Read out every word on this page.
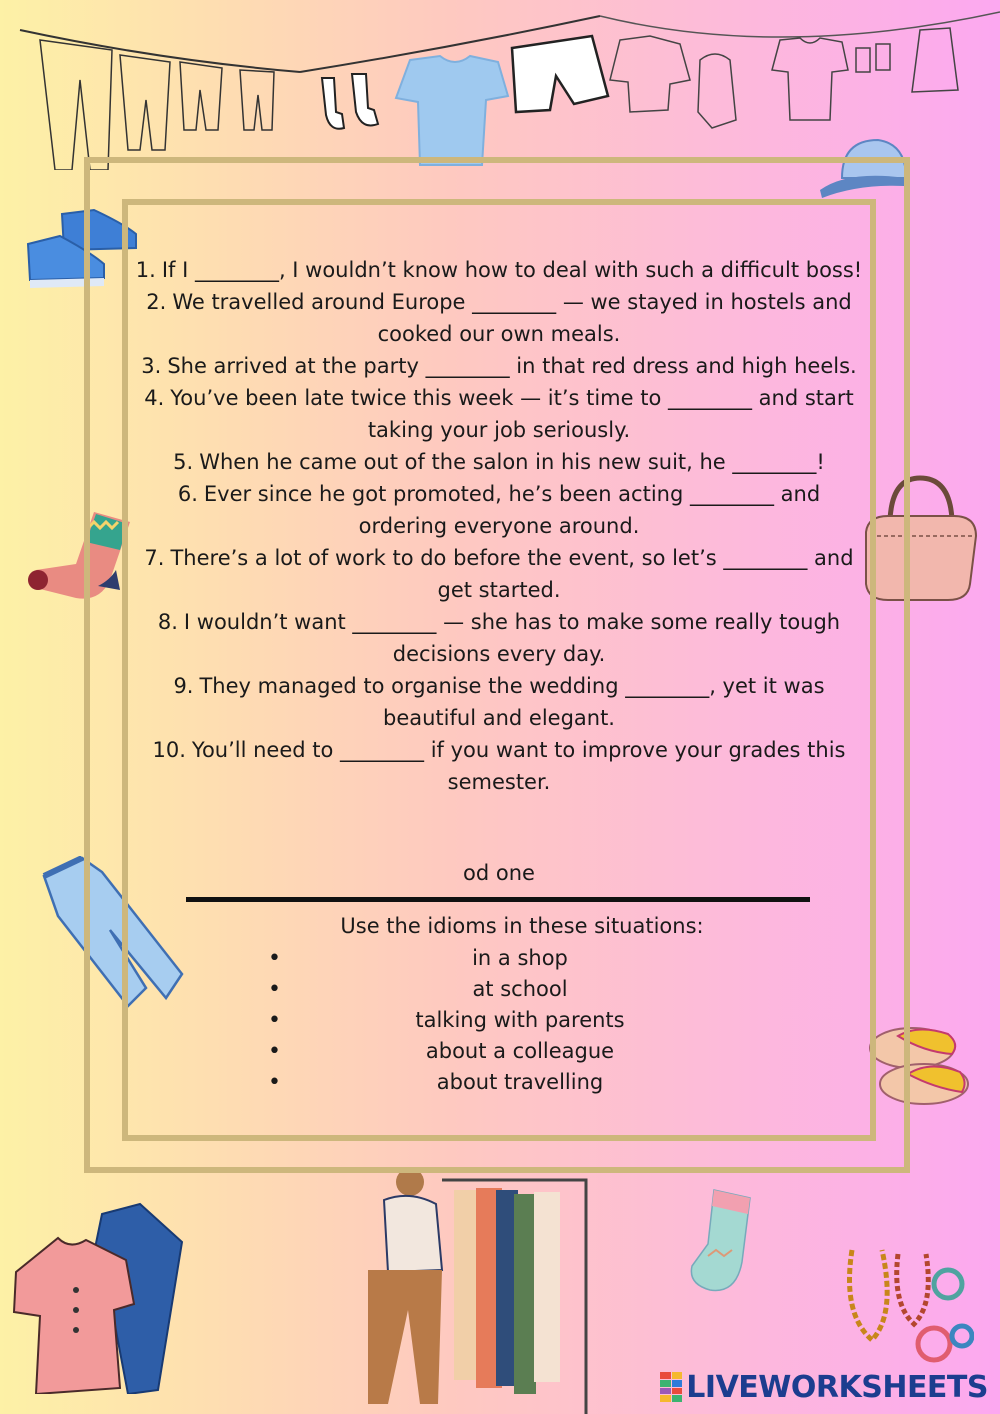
1. If I ________, I wouldn’t know how to deal with such a difficult boss!
2. We travelled around Europe ________ — we stayed in hostels and cooked our own meals.
3. She arrived at the party ________ in that red dress and high heels.
4. You’ve been late twice this week — it’s time to ________ and start taking your job seriously.
5. When he came out of the salon in his new suit, he ________!
6. Ever since he got promoted, he’s been acting ________ and ordering everyone around.
7. There’s a lot of work to do before the event, so let’s ________ and get started.
8. I wouldn’t want ________ — she has to make some really tough decisions every day.
9. They managed to organise the wedding ________, yet it was beautiful and elegant.
10. You’ll need to ________ if you want to improve your grades this semester.
od one
Use the idioms in these situations:
•	in a shop
•	at school
•	talking with parents
•	about a colleague
•	about travelling
LIVEWORKSHEETS
